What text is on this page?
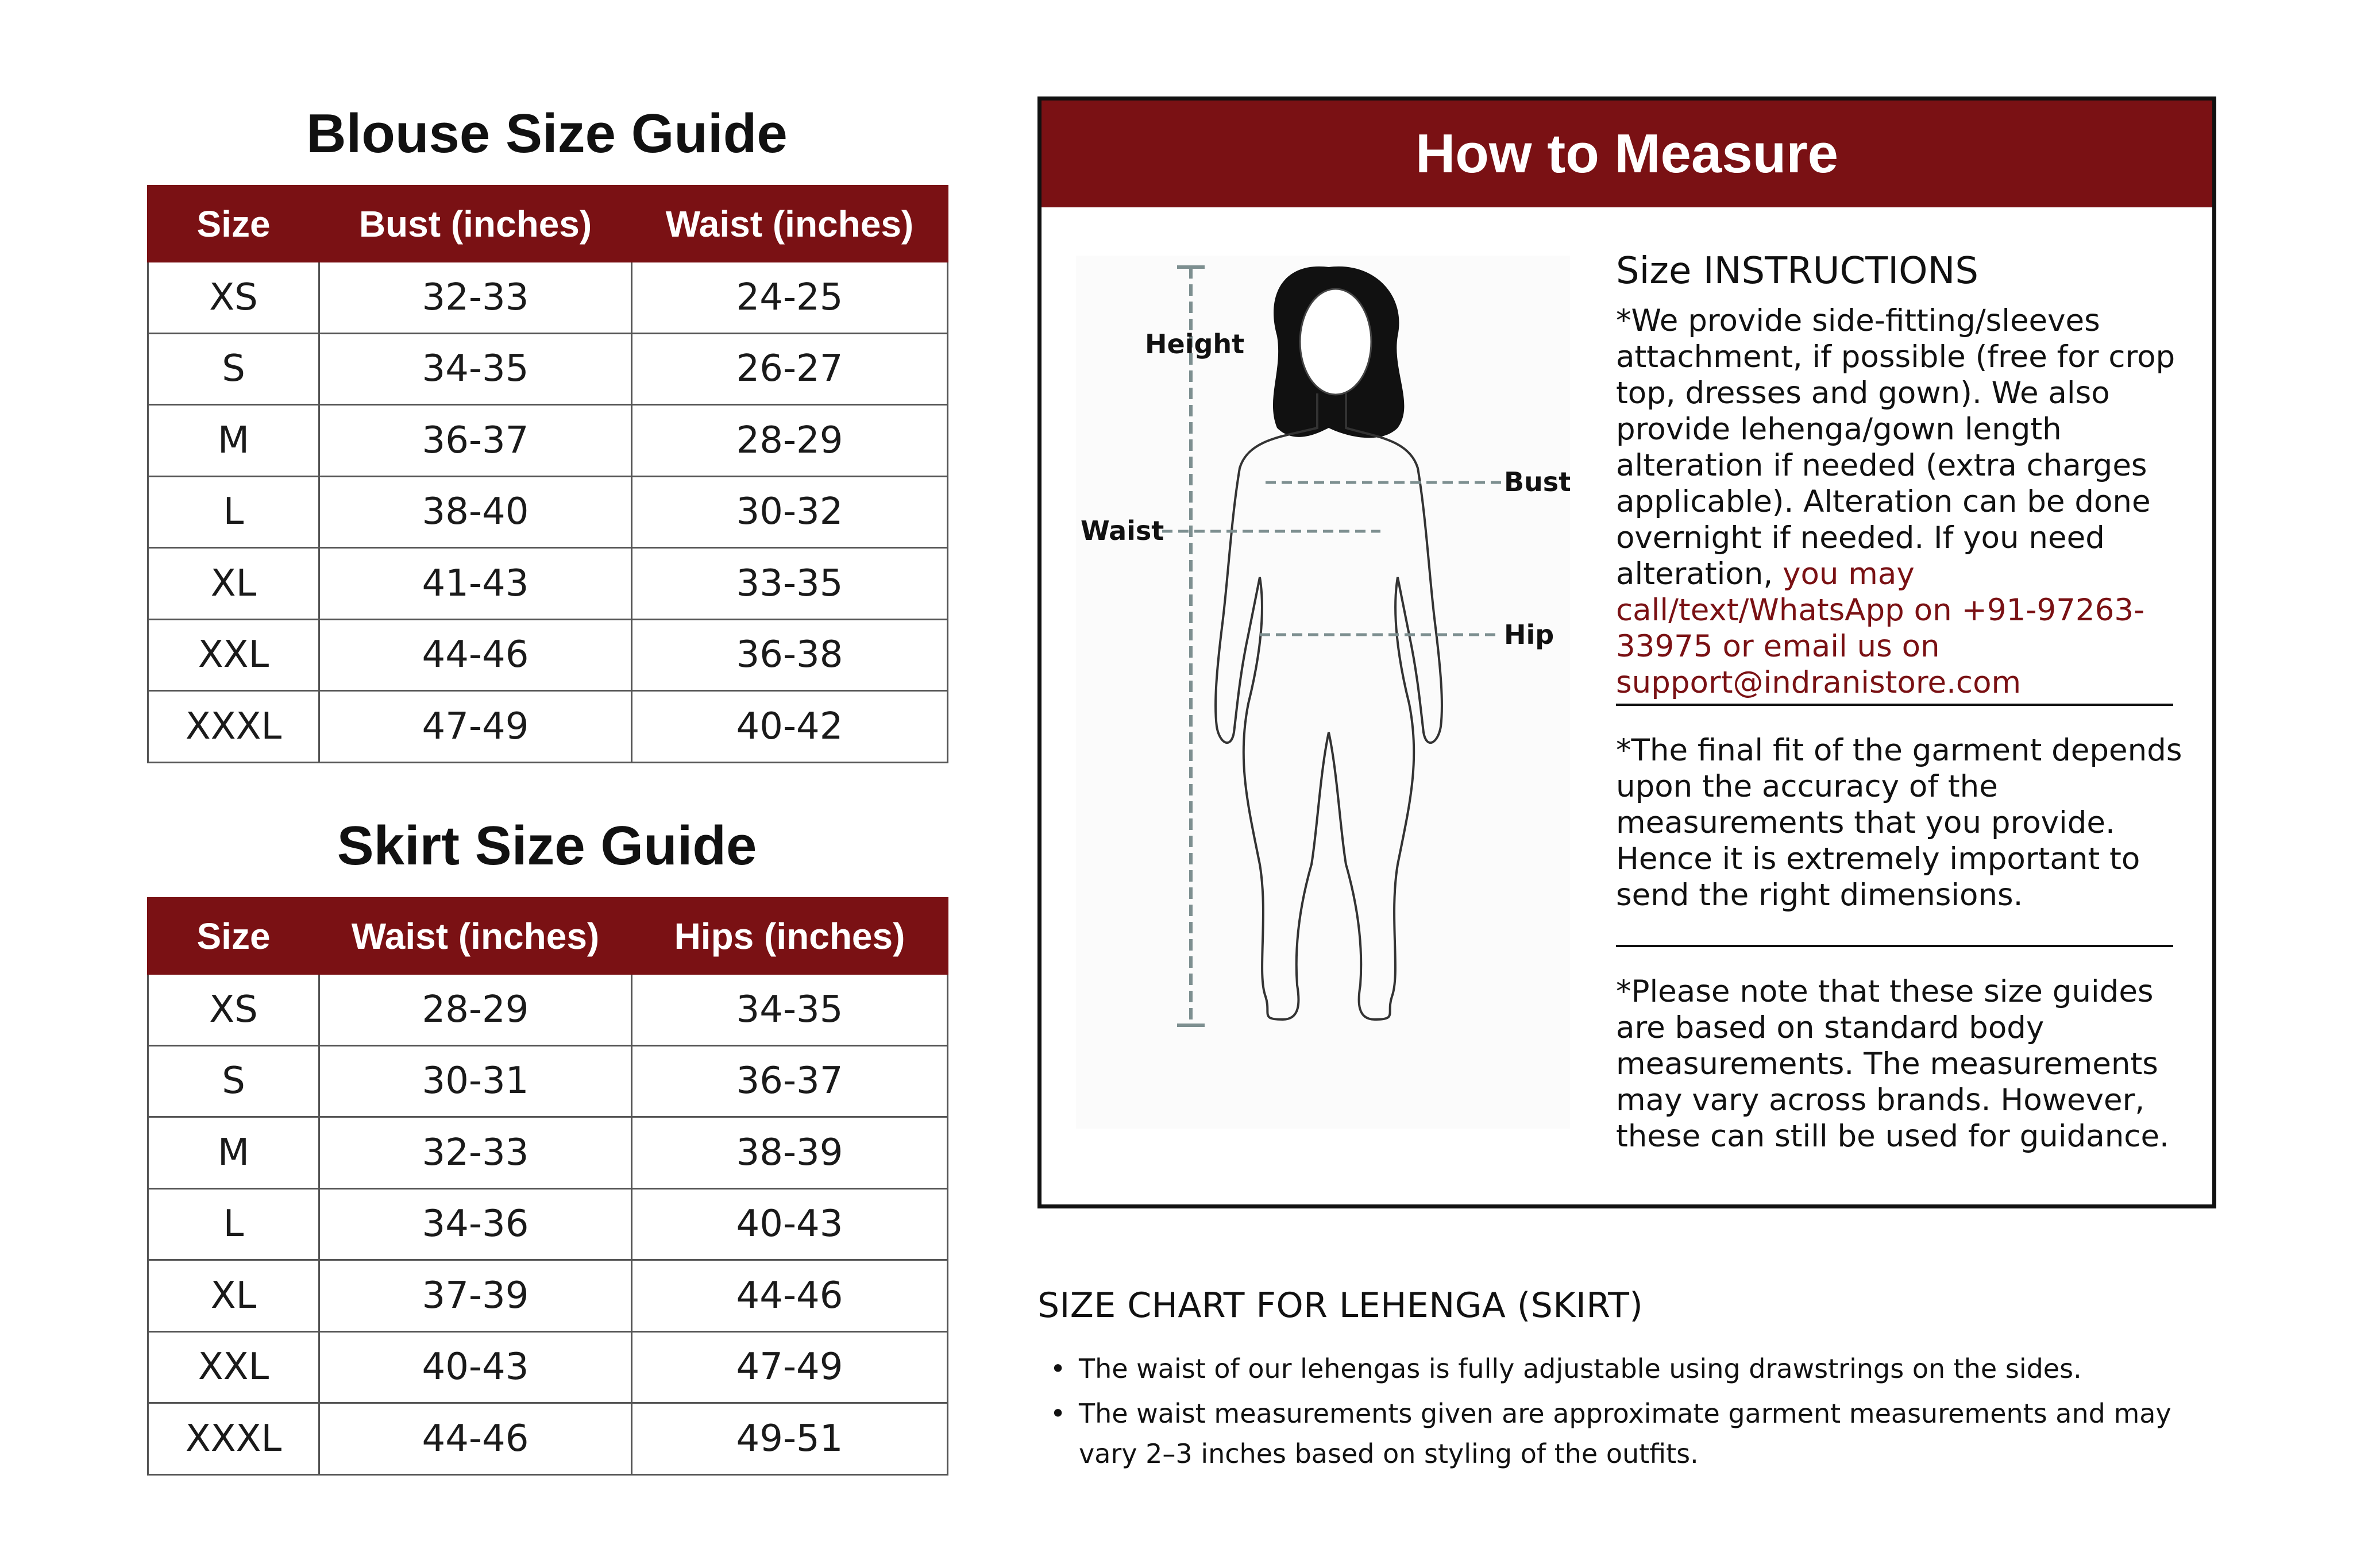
Blouse Size Guide
Size	Bust (inches)	Waist (inches)
XS	32-33	24-25
S	34-35	26-27
M	36-37	28-29
L	38-40	30-32
XL	41-43	33-35
XXL	44-46	36-38
XXXL	47-49	40-42
Skirt Size Guide
Size	Waist (inches)	Hips (inches)
XS	28-29	34-35
S	30-31	36-37
M	32-33	38-39
L	34-36	40-43
XL	37-39	44-46
XXL	40-43	47-49
XXXL	44-46	49-51
How to Measure
Height
Bust
Waist
Hip
Size INSTRUCTIONS

*We provide side-fitting/sleeves attachment, if possible (free for crop top, dresses and gown). We also provide lehenga/gown length alteration if needed (extra charges applicable). Alteration can be done overnight if needed. If you need alteration, you may call/text/WhatsApp on +91-97263-33975 or email us on support@indranistore.com

*The final fit of the garment depends upon the accuracy of the measurements that you provide. Hence it is extremely important to send the right dimensions.

*Please note that these size guides are based on standard body measurements. The measurements may vary across brands. However, these can still be used for guidance.

SIZE CHART FOR LEHENGA (SKIRT)
• The waist of our lehengas is fully adjustable using drawstrings on the sides.
• The waist measurements given are approximate garment measurements and may vary 2–3 inches based on styling of the outfits.
